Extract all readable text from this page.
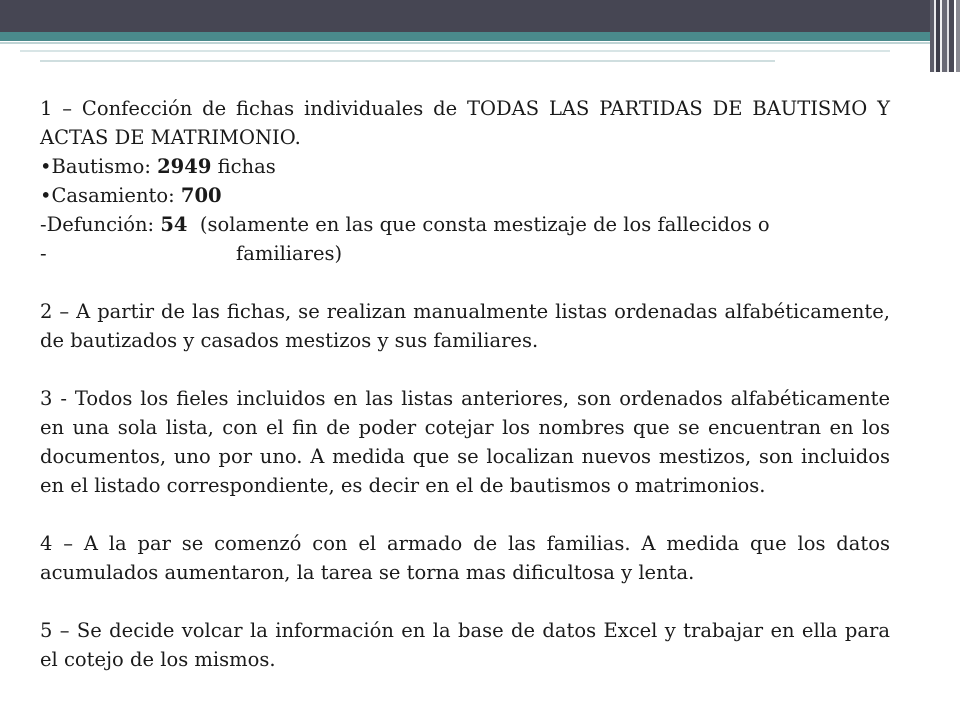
1 – Confección de fichas individuales de TODAS LAS PARTIDAS DE BAUTISMO Y ACTAS DE MATRIMONIO.

• Bautismo: 2949 fichas

• Casamiento: 700

-Defunción: 54  (solamente en las que consta mestizaje de los fallecidos o

-	familiares)

2 – A partir de las fichas, se realizan manualmente listas ordenadas alfabéticamente, de bautizados y casados mestizos y sus familiares.

3 - Todos los fieles incluidos en las listas anteriores, son ordenados alfabéticamente en una sola lista, con el fin de poder cotejar los nombres que se encuentran en los documentos, uno por uno. A medida que se localizan nuevos mestizos, son incluidos en el listado correspondiente, es decir en el de bautismos o matrimonios.

4 – A la par se comenzó con el armado de las familias. A medida que los datos acumulados aumentaron, la tarea se torna mas dificultosa y lenta.

5 – Se decide volcar la información en la base de datos Excel y trabajar en ella para el cotejo de los mismos.
